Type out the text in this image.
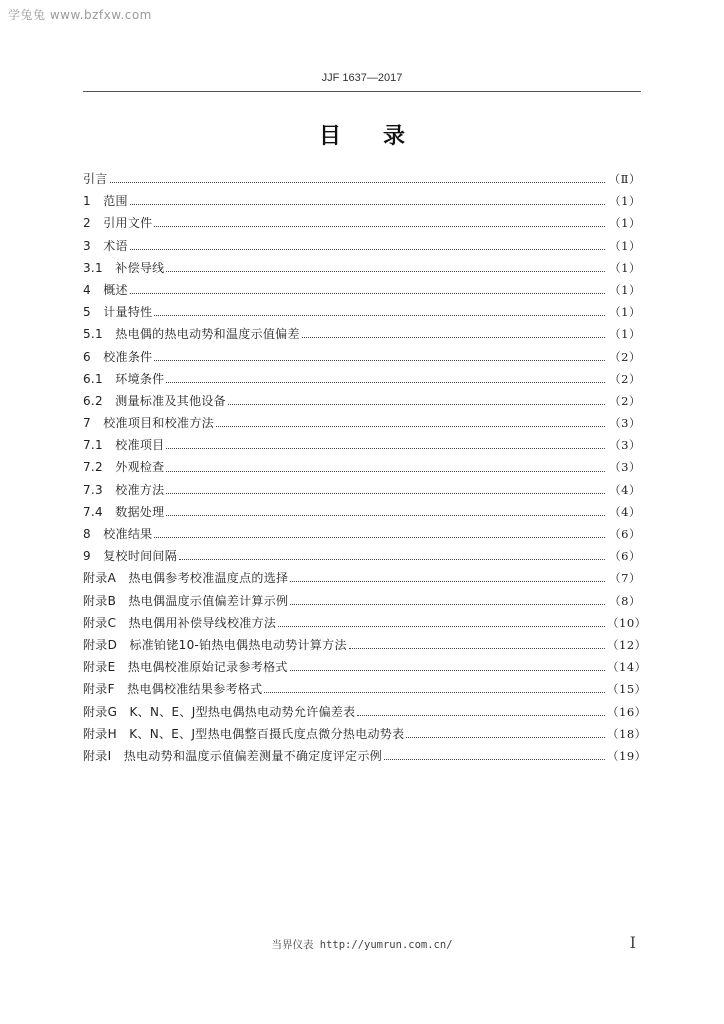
学兔兔 www.bzfxw.com
JJF 1637—2017
目录
引言	（Ⅱ）
1　范围	（1）
2　引用文件	（1）
3　术语	（1）
3.1　补偿导线	（1）
4　概述	（1）
5　计量特性	（1）
5.1　热电偶的热电动势和温度示值偏差	（1）
6　校准条件	（2）
6.1　环境条件	（2）
6.2　测量标准及其他设备	（2）
7　校准项目和校准方法	（3）
7.1　校准项目	（3）
7.2　外观检查	（3）
7.3　校准方法	（4）
7.4　数据处理	（4）
8　校准结果	（6）
9　复校时间间隔	（6）
附录A　热电偶参考校准温度点的选择	（7）
附录B　热电偶温度示值偏差计算示例	（8）
附录C　热电偶用补偿导线校准方法	（10）
附录D　标准铂铑10-铂热电偶热电动势计算方法	（12）
附录E　热电偶校准原始记录参考格式	（14）
附录F　热电偶校准结果参考格式	（15）
附录G　K、N、E、J型热电偶热电动势允许偏差表	（16）
附录H　K、N、E、J型热电偶整百摄氏度点微分热电动势表	（18）
附录I　热电动势和温度示值偏差测量不确定度评定示例	（19）
当界仪表 http://yumrun.com.cn/	Ⅰ
